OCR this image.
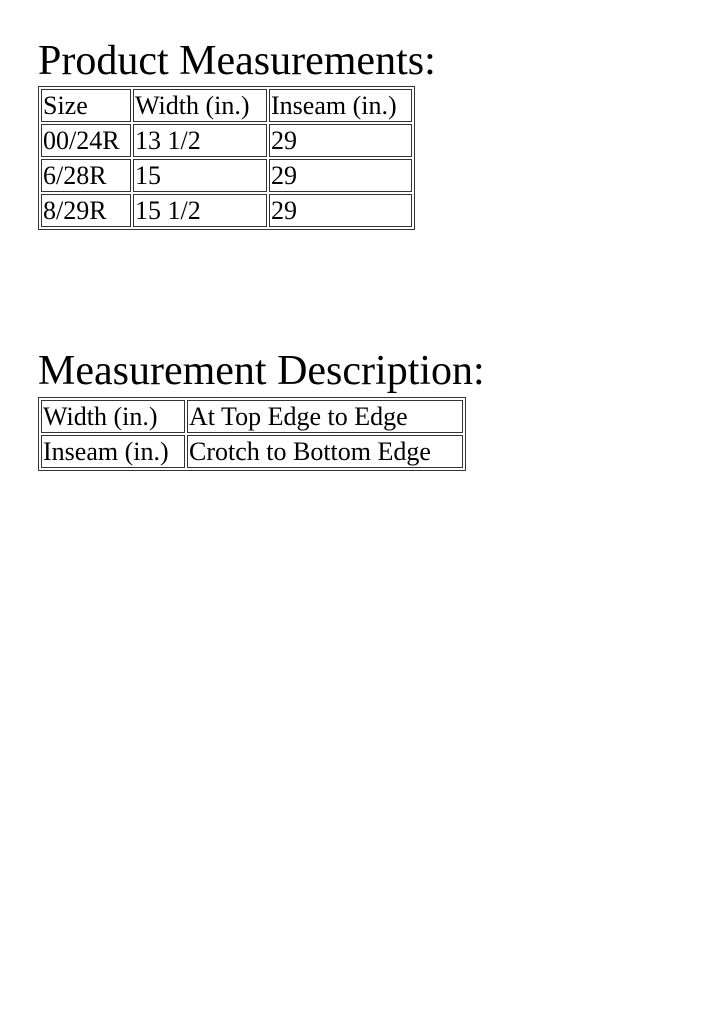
Product Measurements:
Size	Width (in.)	Inseam (in.)
00/24R	13 1/2	29
6/28R	15	29
8/29R	15 1/2	29
Measurement Description:
Width (in.)	At Top Edge to Edge
Inseam (in.)	Crotch to Bottom Edge
